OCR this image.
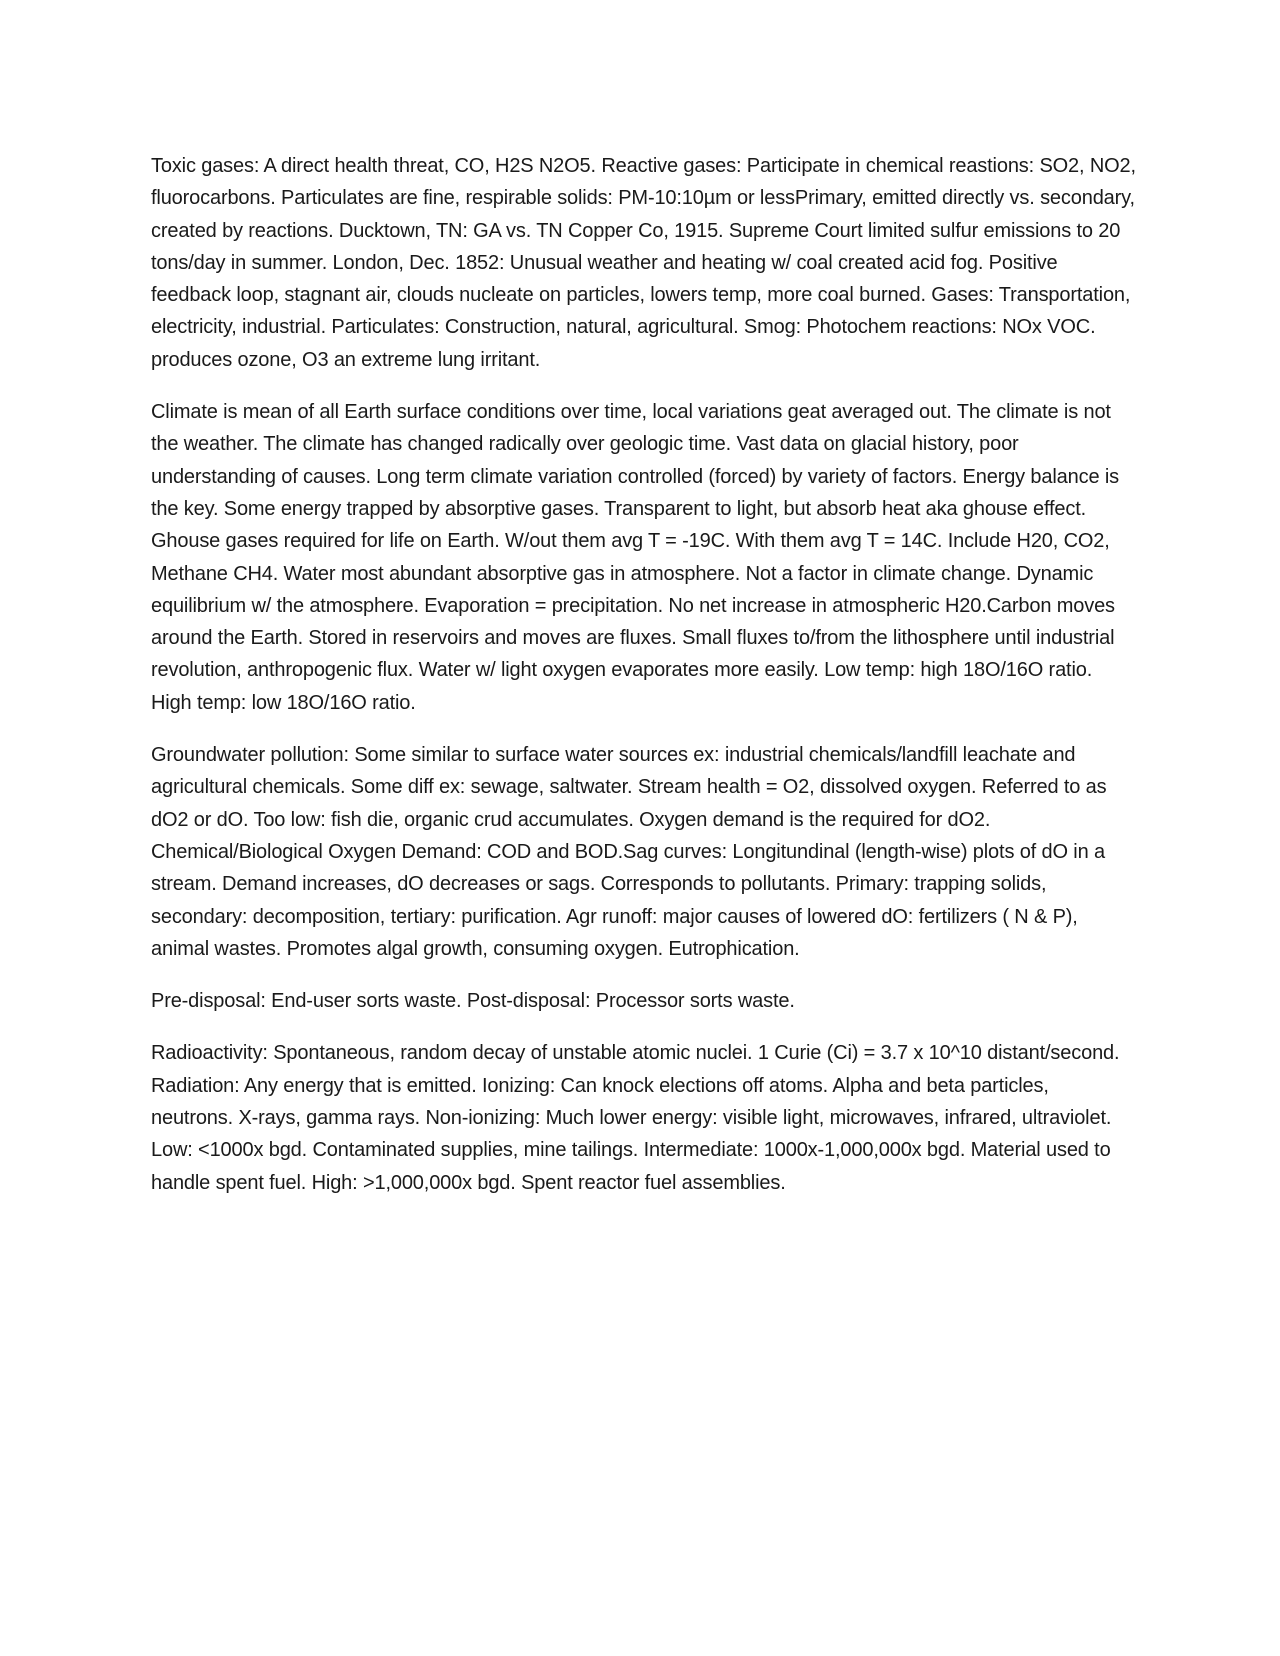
Toxic gases: A direct health threat, CO, H2S N2O5. Reactive gases: Participate in chemical reastions: SO2, NO2, fluorocarbons. Particulates are fine, respirable solids: PM-10:10µm or lessPrimary, emitted directly vs. secondary, created by reactions. Ducktown, TN: GA vs. TN Copper Co, 1915. Supreme Court limited sulfur emissions to 20 tons/day in summer. London, Dec. 1852: Unusual weather and heating w/ coal created acid fog. Positive feedback loop, stagnant air, clouds nucleate on particles, lowers temp, more coal burned. Gases: Transportation, electricity, industrial. Particulates: Construction, natural, agricultural. Smog: Photochem reactions: NOx VOC. produces ozone, O3 an extreme lung irritant.

Climate is mean of all Earth surface conditions over time, local variations geat averaged out. The climate is not the weather. The climate has changed radically over geologic time. Vast data on glacial history, poor understanding of causes. Long term climate variation controlled (forced) by variety of factors. Energy balance is the key. Some energy trapped by absorptive gases. Transparent to light, but absorb heat aka ghouse effect. Ghouse gases required for life on Earth. W/out them avg T = -19C. With them avg T = 14C. Include H20, CO2, Methane CH4. Water most abundant absorptive gas in atmosphere. Not a factor in climate change. Dynamic equilibrium w/ the atmosphere. Evaporation = precipitation. No net increase in atmospheric H20.Carbon moves around the Earth. Stored in reservoirs and moves are fluxes. Small fluxes to/from the lithosphere until industrial revolution, anthropogenic flux. Water w/ light oxygen evaporates more easily. Low temp: high 18O/16O ratio. High temp: low 18O/16O ratio.

Groundwater pollution: Some similar to surface water sources ex: industrial chemicals/landfill leachate and agricultural chemicals. Some diff ex: sewage, saltwater. Stream health = O2, dissolved oxygen. Referred to as dO2 or dO. Too low: fish die, organic crud accumulates. Oxygen demand is the required for dO2. Chemical/Biological Oxygen Demand: COD and BOD.Sag curves: Longitundinal (length-wise) plots of dO in a stream. Demand increases, dO decreases or sags. Corresponds to pollutants. Primary: trapping solids, secondary: decomposition, tertiary: purification. Agr runoff: major causes of lowered dO: fertilizers ( N & P), animal wastes. Promotes algal growth, consuming oxygen. Eutrophication.

Pre-disposal: End-user sorts waste. Post-disposal: Processor sorts waste.

Radioactivity: Spontaneous, random decay of unstable atomic nuclei. 1 Curie (Ci) = 3.7 x 10^10 distant/second. Radiation: Any energy that is emitted. Ionizing: Can knock elections off atoms. Alpha and beta particles, neutrons. X-rays, gamma rays. Non-ionizing: Much lower energy: visible light, microwaves, infrared, ultraviolet. Low: <1000x bgd. Contaminated supplies, mine tailings. Intermediate: 1000x-1,000,000x bgd. Material used to handle spent fuel. High: >1,000,000x bgd. Spent reactor fuel assemblies.
